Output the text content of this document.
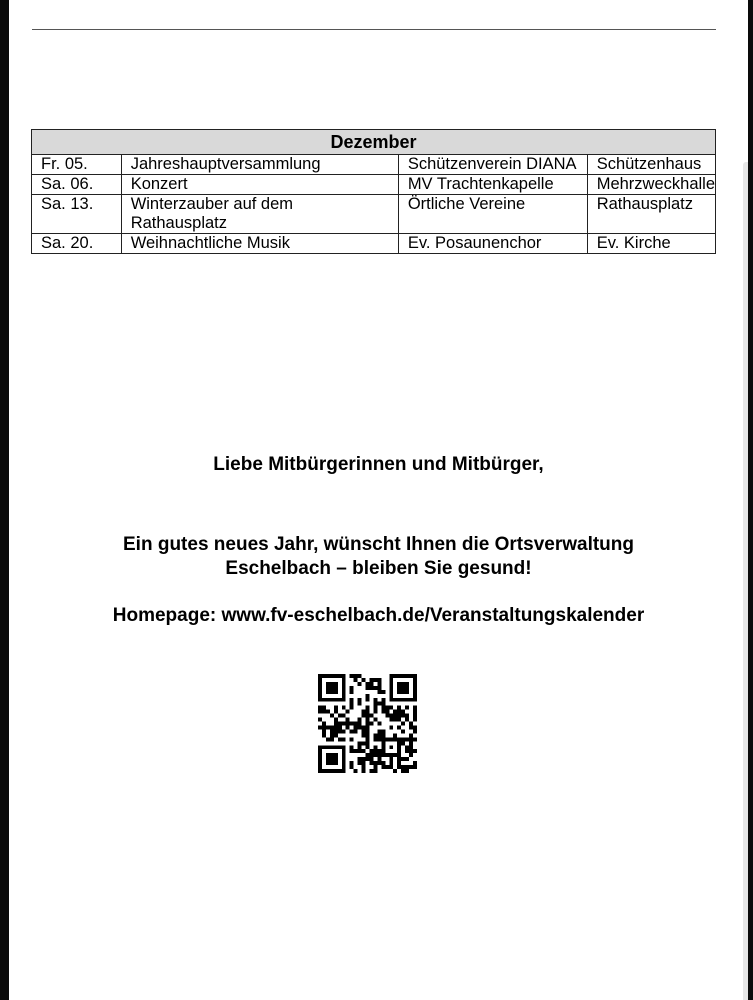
Dezember			
Fr. 05.	Jahreshauptversammlung	Schützenverein DIANA	Schützenhaus
Sa. 06.	Konzert	MV Trachtenkapelle	Mehrzweckhalle
Sa. 13.	Winterzauber auf dem Rathausplatz	Örtliche Vereine	Rathausplatz
Sa. 20.	Weihnachtliche Musik	Ev. Posaunenchor	Ev. Kirche
Liebe Mitbürgerinnen und Mitbürger,
Ein gutes neues Jahr, wünscht Ihnen die Ortsverwaltung
Eschelbach – bleiben Sie gesund!
Homepage: www.fv-eschelbach.de/Veranstaltungskalender
